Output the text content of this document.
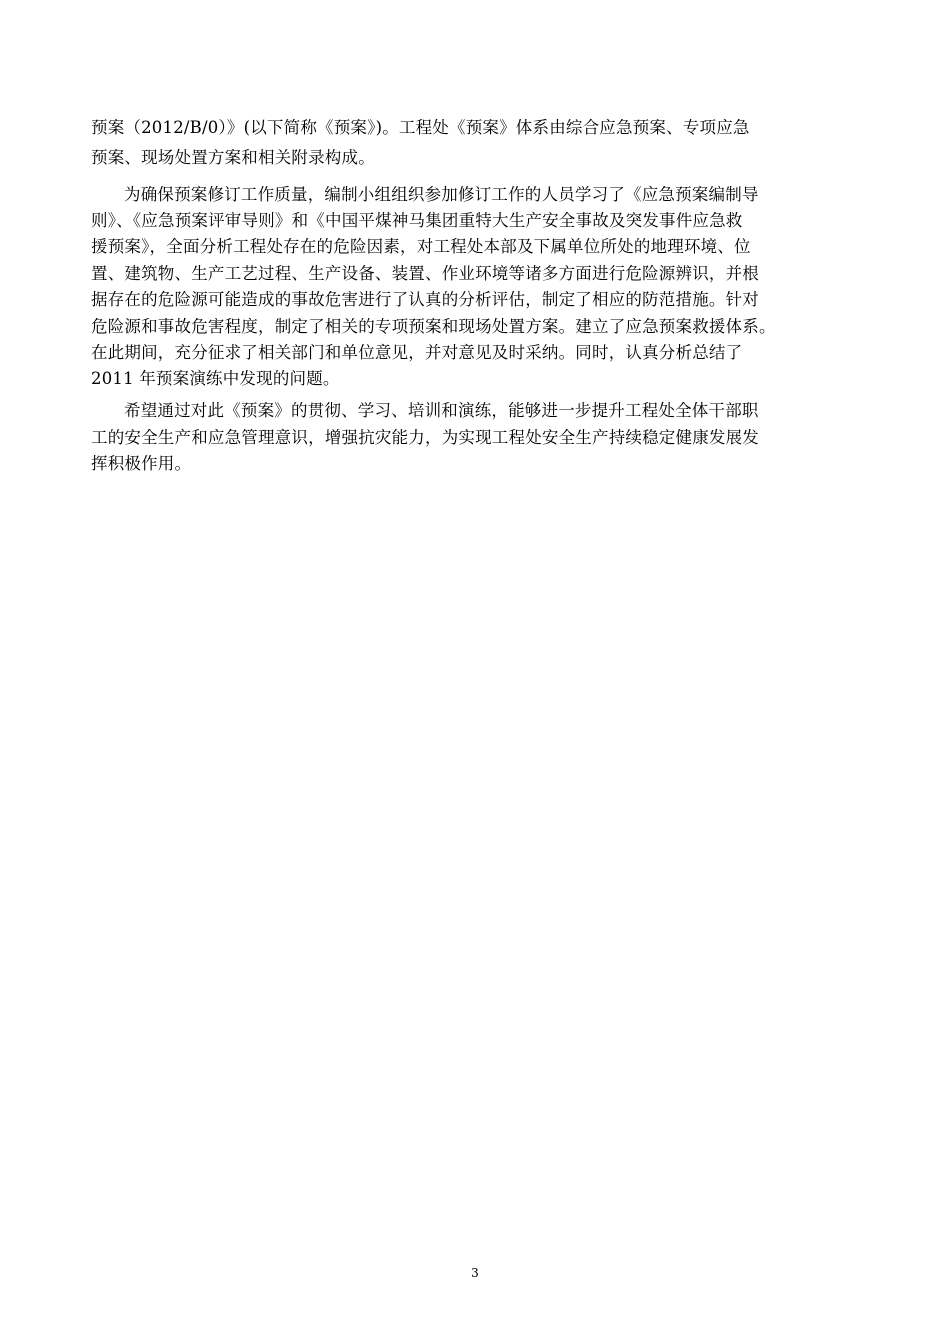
预案（2012/B/0）》(以下简称《预案》)。工程处《预案》体系由综合应急预案、专项应急
预案、现场处置方案和相关附录构成。
为确保预案修订工作质量，编制小组组织参加修订工作的人员学习了《应急预案编制导
则》、《应急预案评审导则》和《中国平煤神马集团重特大生产安全事故及突发事件应急救
援预案》，全面分析工程处存在的危险因素，对工程处本部及下属单位所处的地理环境、位
置、建筑物、生产工艺过程、生产设备、装置、作业环境等诸多方面进行危险源辨识，并根
据存在的危险源可能造成的事故危害进行了认真的分析评估，制定了相应的防范措施。针对
危险源和事故危害程度，制定了相关的专项预案和现场处置方案。建立了应急预案救援体系。
在此期间，充分征求了相关部门和单位意见，并对意见及时采纳。同时，认真分析总结了
2011 年预案演练中发现的问题。
希望通过对此《预案》的贯彻、学习、培训和演练，能够进一步提升工程处全体干部职
工的安全生产和应急管理意识，增强抗灾能力，为实现工程处安全生产持续稳定健康发展发
挥积极作用。
3
